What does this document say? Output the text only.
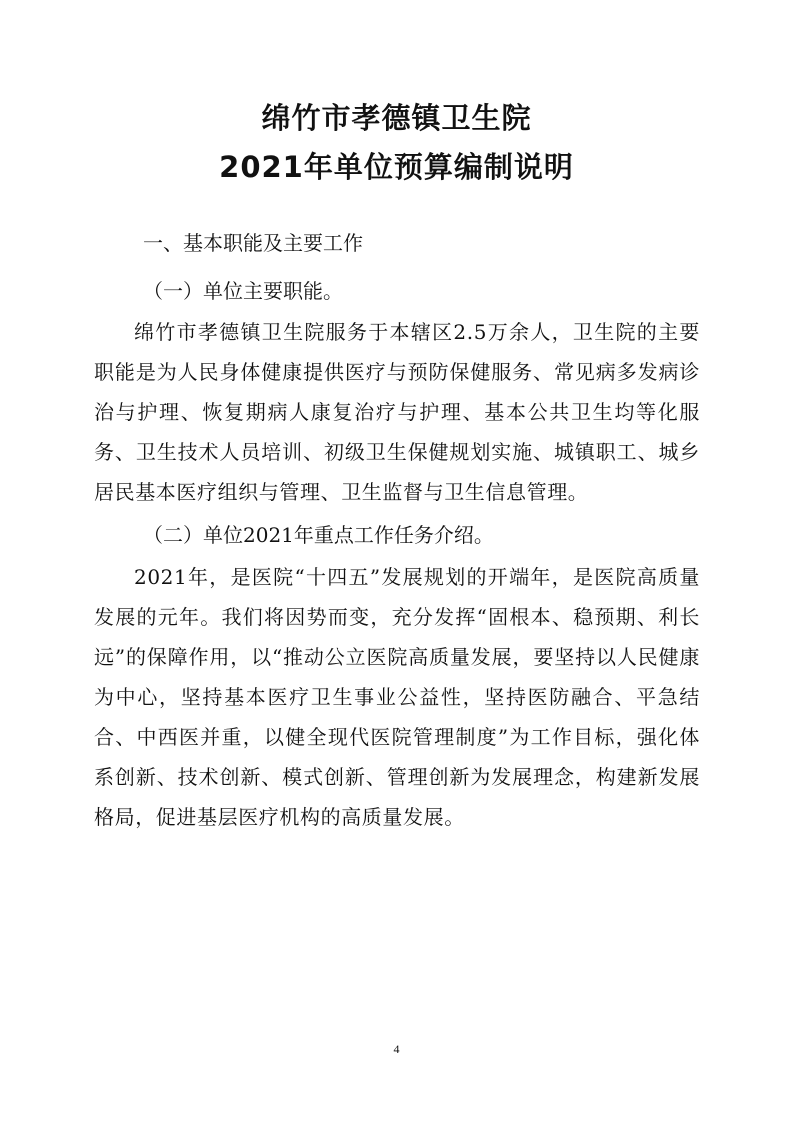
绵竹市孝德镇卫生院
2021年单位预算编制说明
一、基本职能及主要工作
（一）单位主要职能。
绵竹市孝德镇卫生院服务于本辖区2.5万余人，卫生院的主要职能是为人民身体健康提供医疗与预防保健服务、常见病多发病诊治与护理、恢复期病人康复治疗与护理、基本公共卫生均等化服务、卫生技术人员培训、初级卫生保健规划实施、城镇职工、城乡居民基本医疗组织与管理、卫生监督与卫生信息管理。
（二）单位2021年重点工作任务介绍。
2021年，是医院“十四五”发展规划的开端年，是医院高质量发展的元年。我们将因势而变，充分发挥“固根本、稳预期、利长远”的保障作用，以“推动公立医院高质量发展，要坚持以人民健康为中心，坚持基本医疗卫生事业公益性，坚持医防融合、平急结合、中西医并重，以健全现代医院管理制度”为工作目标，强化体系创新、技术创新、模式创新、管理创新为发展理念，构建新发展格局，促进基层医疗机构的高质量发展。
4
